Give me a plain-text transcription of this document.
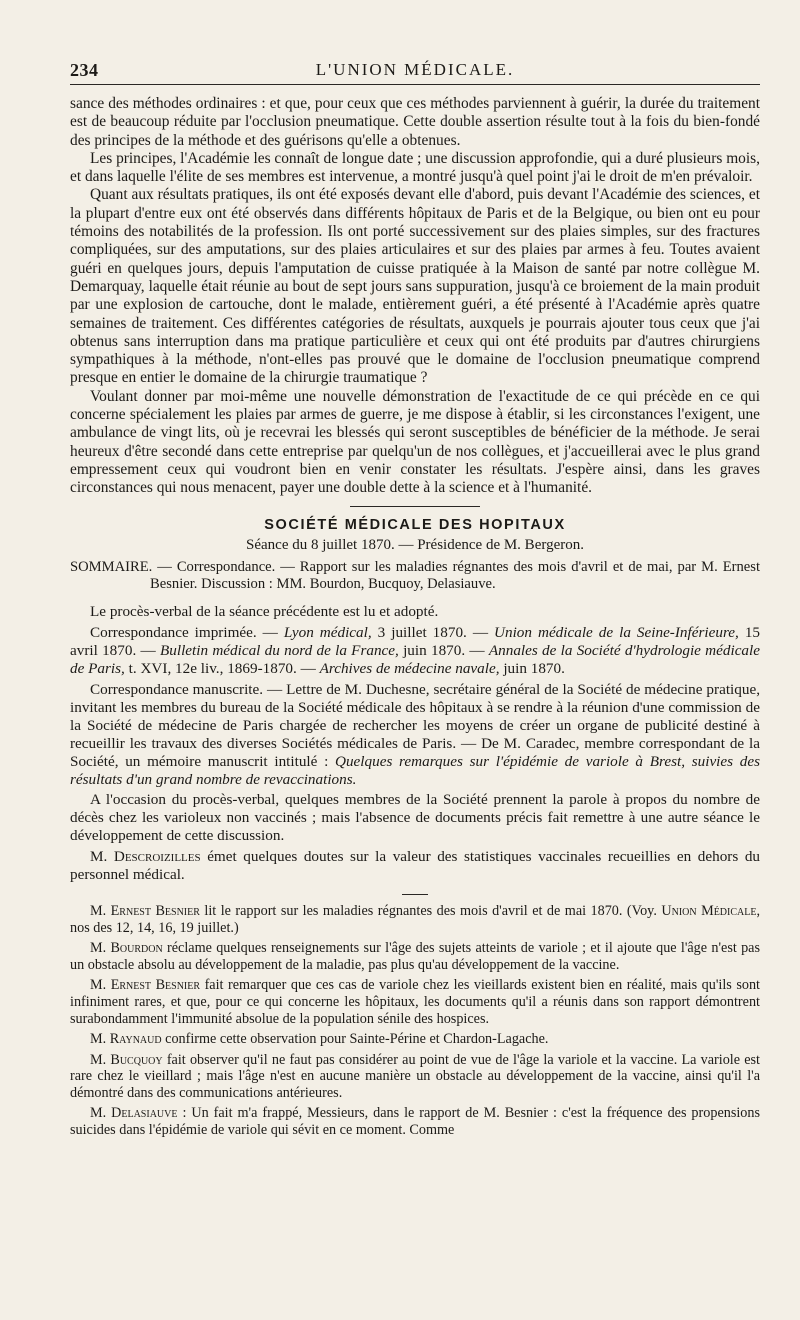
234	L'UNION MÉDICALE.

sance des méthodes ordinaires : et que, pour ceux que ces méthodes parviennent à guérir, la durée du traitement est de beaucoup réduite par l'occlusion pneumatique. Cette double assertion résulte tout à la fois du bien-fondé des principes de la méthode et des guérisons qu'elle a obtenues.

Les principes, l'Académie les connaît de longue date ; une discussion approfondie, qui a duré plusieurs mois, et dans laquelle l'élite de ses membres est intervenue, a montré jusqu'à quel point j'ai le droit de m'en prévaloir.

Quant aux résultats pratiques, ils ont été exposés devant elle d'abord, puis devant l'Académie des sciences, et la plupart d'entre eux ont été observés dans différents hôpitaux de Paris et de la Belgique, ou bien ont eu pour témoins des notabilités de la profession. Ils ont porté successivement sur des plaies simples, sur des fractures compliquées, sur des amputations, sur des plaies articulaires et sur des plaies par armes à feu. Toutes avaient guéri en quelques jours, depuis l'amputation de cuisse pratiquée à la Maison de santé par notre collègue M. Demarquay, laquelle était réunie au bout de sept jours sans suppuration, jusqu'à ce broiement de la main produit par une explosion de cartouche, dont le malade, entièrement guéri, a été présenté à l'Académie après quatre semaines de traitement. Ces différentes catégories de résultats, auxquels je pourrais ajouter tous ceux que j'ai obtenus sans interruption dans ma pratique particulière et ceux qui ont été produits par d'autres chirurgiens sympathiques à la méthode, n'ont-elles pas prouvé que le domaine de l'occlusion pneumatique comprend presque en entier le domaine de la chirurgie traumatique ?

Voulant donner par moi-même une nouvelle démonstration de l'exactitude de ce qui précède en ce qui concerne spécialement les plaies par armes de guerre, je me dispose à établir, si les circonstances l'exigent, une ambulance de vingt lits, où je recevrai les blessés qui seront susceptibles de bénéficier de la méthode. Je serai heureux d'être secondé dans cette entreprise par quelqu'un de nos collègues, et j'accueillerai avec le plus grand empressement ceux qui voudront bien en venir constater les résultats. J'espère ainsi, dans les graves circonstances qui nous menacent, payer une double dette à la science et à l'humanité.

SOCIÉTÉ MÉDICALE DES HOPITAUX
Séance du 8 juillet 1870. — Présidence de M. Bergeron.

SOMMAIRE. — Correspondance. — Rapport sur les maladies régnantes des mois d'avril et de mai, par M. Ernest Besnier. Discussion : MM. Bourdon, Bucquoy, Delasiauve.

Le procès-verbal de la séance précédente est lu et adopté.

Correspondance imprimée. — Lyon médical, 3 juillet 1870. — Union médicale de la Seine-Inférieure, 15 avril 1870. — Bulletin médical du nord de la France, juin 1870. — Annales de la Société d'hydrologie médicale de Paris, t. XVI, 12e liv., 1869-1870. — Archives de médecine navale, juin 1870.

Correspondance manuscrite. — Lettre de M. Duchesne, secrétaire général de la Société de médecine pratique, invitant les membres du bureau de la Société médicale des hôpitaux à se rendre à la réunion d'une commission de la Société de médecine de Paris chargée de rechercher les moyens de créer un organe de publicité destiné à recueillir les travaux des diverses Sociétés médicales de Paris. — De M. Caradec, membre correspondant de la Société, un mémoire manuscrit intitulé : Quelques remarques sur l'épidémie de variole à Brest, suivies des résultats d'un grand nombre de revaccinations.

A l'occasion du procès-verbal, quelques membres de la Société prennent la parole à propos du nombre de décès chez les varioleux non vaccinés ; mais l'absence de documents précis fait remettre à une autre séance le développement de cette discussion.

M. Descroizilles émet quelques doutes sur la valeur des statistiques vaccinales recueillies en dehors du personnel médical.

M. Ernest Besnier lit le rapport sur les maladies régnantes des mois d'avril et de mai 1870. (Voy. Union Médicale, nos des 12, 14, 16, 19 juillet.)

M. Bourdon réclame quelques renseignements sur l'âge des sujets atteints de variole ; et il ajoute que l'âge n'est pas un obstacle absolu au développement de la maladie, pas plus qu'au développement de la vaccine.

M. Ernest Besnier fait remarquer que ces cas de variole chez les vieillards existent bien en réalité, mais qu'ils sont infiniment rares, et que, pour ce qui concerne les hôpitaux, les documents qu'il a réunis dans son rapport démontrent surabondamment l'immunité absolue de la population sénile des hospices.

M. Raynaud confirme cette observation pour Sainte-Périne et Chardon-Lagache.

M. Bucquoy fait observer qu'il ne faut pas considérer au point de vue de l'âge la variole et la vaccine. La variole est rare chez le vieillard ; mais l'âge n'est en aucune manière un obstacle au développement de la vaccine, ainsi qu'il l'a démontré dans des communications antérieures.

M. Delasiauve : Un fait m'a frappé, Messieurs, dans le rapport de M. Besnier : c'est la fréquence des propensions suicides dans l'épidémie de variole qui sévit en ce moment. Comme
